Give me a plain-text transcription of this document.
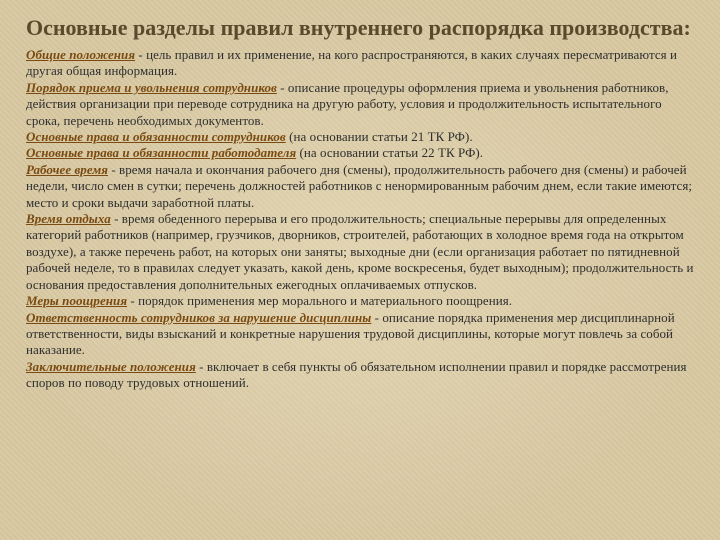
Основные разделы правил внутреннего распорядка производства:

Общие положения - цель правил и их применение, на кого распространяются, в каких случаях пересматриваются и другая общая информация.

Порядок приема и увольнения сотрудников - описание процедуры оформления приема и увольнения работников, действия организации при переводе сотрудника на другую работу, условия и продолжительность испытательного срока, перечень необходимых документов.

Основные права и обязанности сотрудников (на основании статьи 21 ТК РФ).

Основные права и обязанности работодателя (на основании статьи 22 ТК РФ).

Рабочее время - время начала и окончания рабочего дня (смены), продолжительность рабочего дня (смены) и рабочей недели, число смен в сутки; перечень должностей работников с ненормированным рабочим днем, если такие имеются; место и сроки выдачи заработной платы.

Время отдыха - время обеденного перерыва и его продолжительность; специальные перерывы для определенных категорий работников (например, грузчиков, дворников, строителей, работающих в холодное время года на открытом воздухе), а также перечень работ, на которых они заняты; выходные дни (если организация работает по пятидневной рабочей неделе, то в правилах следует указать, какой день, кроме воскресенья, будет выходным); продолжительность и основания предоставления дополнительных ежегодных оплачиваемых отпусков.

Меры поощрения - порядок применения мер морального и материального поощрения.

Ответственность сотрудников за нарушение дисциплины - описание порядка применения мер дисциплинарной ответственности, виды взысканий и конкретные нарушения трудовой дисциплины, которые могут повлечь за собой наказание.

Заключительные положения - включает в себя пункты об обязательном исполнении правил и порядке рассмотрения споров по поводу трудовых отношений.
